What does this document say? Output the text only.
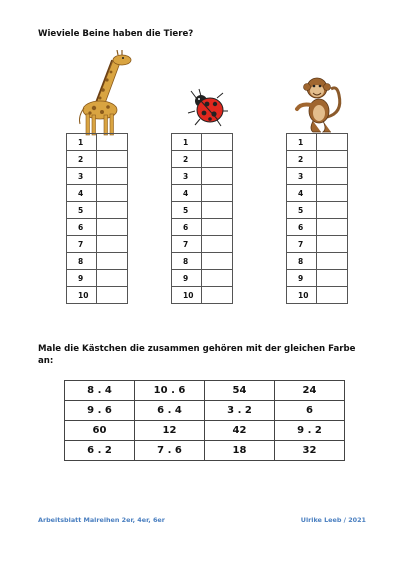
Wieviele Beine haben die Tiere?
1	
2	
3	
4	
5	
6	
7	
8	
9	
10	
1	
2	
3	
4	
5	
6	
7	
8	
9	
10	
1	
2	
3	
4	
5	
6	
7	
8	
9	
10	
Male die Kästchen die zusammen gehören mit der gleichen Farbe an:
8 . 4	10 . 6	54	24
9 . 6	6 . 4	3 . 2	6
60	12	42	9 . 2
6 . 2	7 . 6	18	32
Arbeitsblatt Malreihen 2er, 4er, 6er	Ulrike Leeb / 2021
